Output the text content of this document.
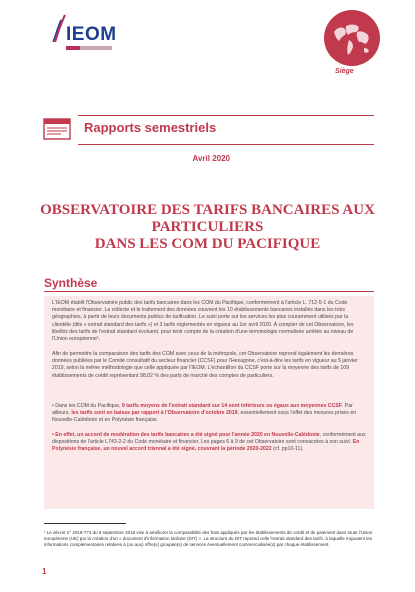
IEOM
Siège
Rapports semestriels
Avril 2020
OBSERVATOIRE DES TARIFS BANCAIRES AUX
PARTICULIERS
DANS LES COM DU PACIFIQUE
Synthèse

L'IEOM établit l'Observatoire public des tarifs bancaires dans les COM du Pacifique, conformément à l'article L. 712-5-1 du Code monétaire et financier. La collecte et le traitement des données couvrent les 10 établissements bancaires installés dans les trois géographies, à partir de leurs documents publics de tarification. Le suivi porte sur les services les plus couramment utilisés par la clientèle (dits « extrait standard des tarifs ») et 3 tarifs réglementés en vigueur au 1er avril 2020. À compter de cet Observatoire, les libellés des tarifs de l'extrait standard évoluent, pour tenir compte de la création d'une terminologie normalisée arrêtée au niveau de l'Union européenne¹.

Afin de permettre la comparaison des tarifs des COM avec ceux de la métropole, cet Observatoire reprend également les dernières données publiées par le Comité consultatif du secteur financier (CCSF) pour l'Hexagone, c'est-à-dire les tarifs en vigueur au 5 janvier 2019, selon la même méthodologie que celle appliquée par l'IEOM. L'échantillon du CCSF porte sur la moyenne des tarifs de 109 établissements de crédit représentant 98,02 % des parts de marché des comptes de particuliers.

• Dans les COM du Pacifique, 9 tarifs moyens de l'extrait standard sur 14 sont inférieurs ou égaux aux moyennes CCSF. Par ailleurs, les tarifs sont en baisse par rapport à l'Observatoire d'octobre 2019, essentiellement sous l'effet des mesures prises en Nouvelle-Calédonie et en Polynésie française.

• En effet, un accord de modération des tarifs bancaires a été signé pour l'année 2020 en Nouvelle-Calédonie, conformément aux dispositions de l'article L743-2-2 du Code monétaire et financier. Les pages 6 à 9 de cet Observatoire sont consacrées à son suivi. En Polynésie française, un nouvel accord triennal a été signé, couvrant la période 2020-2022 (cf. pp10-11).

¹ Le décret n° 2018-774 du 5 septembre 2018 vise à améliorer la comparabilité des frais appliqués par les établissements de crédit et de paiement dans toute l'Union européenne (UE) par la création d'un « document d'information tarifaire (DIT) ». La structure du DIT reprend celle l'extrait standard des tarifs, à laquelle s'ajoutent les informations complémentaires relatives à (ou aux) offre(s) groupée(s) de services éventuellement commercialisée(s) par chaque établissement.

1
